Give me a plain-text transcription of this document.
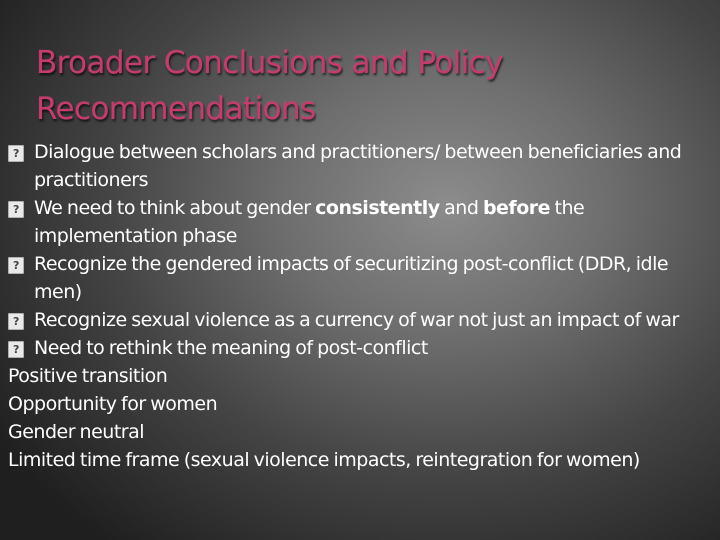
Broader Conclusions and Policy Recommendations

? Dialogue between scholars and practitioners/ between beneficiaries and practitioners

? We need to think about gender consistently and before the implementation phase

? Recognize the gendered impacts of securitizing post-conflict (DDR, idle men)

? Recognize sexual violence as a currency of war not just an impact of war

? Need to rethink the meaning of post-conflict

Positive transition

Opportunity for women

Gender neutral

Limited time frame (sexual violence impacts, reintegration for women)
